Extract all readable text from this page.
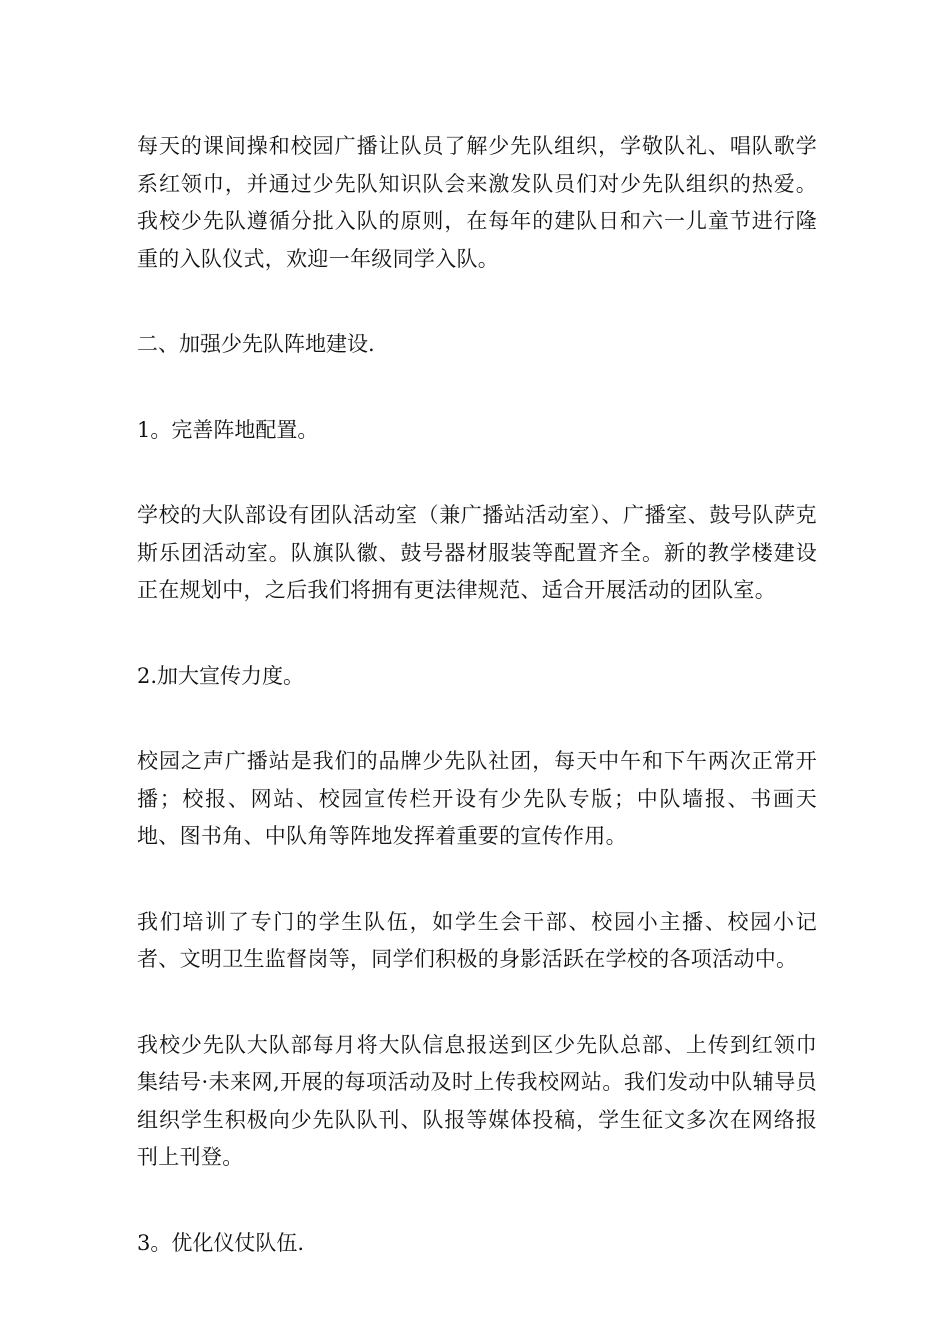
每天的课间操和校园广播让队员了解少先队组织，学敬队礼、唱队歌学系红领巾，并通过少先队知识队会来激发队员们对少先队组织的热爱。我校少先队遵循分批入队的原则，在每年的建队日和六一儿童节进行隆重的入队仪式，欢迎一年级同学入队。

二、加强少先队阵地建设.

1。完善阵地配置。

学校的大队部设有团队活动室（兼广播站活动室）、广播室、鼓号队萨克斯乐团活动室。队旗队徽、鼓号器材服装等配置齐全。新的教学楼建设正在规划中，之后我们将拥有更法律规范、适合开展活动的团队室。

2.加大宣传力度。

校园之声广播站是我们的品牌少先队社团，每天中午和下午两次正常开播；校报、网站、校园宣传栏开设有少先队专版；中队墙报、书画天地、图书角、中队角等阵地发挥着重要的宣传作用。

我们培训了专门的学生队伍，如学生会干部、校园小主播、校园小记者、文明卫生监督岗等，同学们积极的身影活跃在学校的各项活动中。

我校少先队大队部每月将大队信息报送到区少先队总部、上传到红领巾集结号·未来网,开展的每项活动及时上传我校网站。我们发动中队辅导员组织学生积极向少先队队刊、队报等媒体投稿，学生征文多次在网络报刊上刊登。

3。优化仪仗队伍.
